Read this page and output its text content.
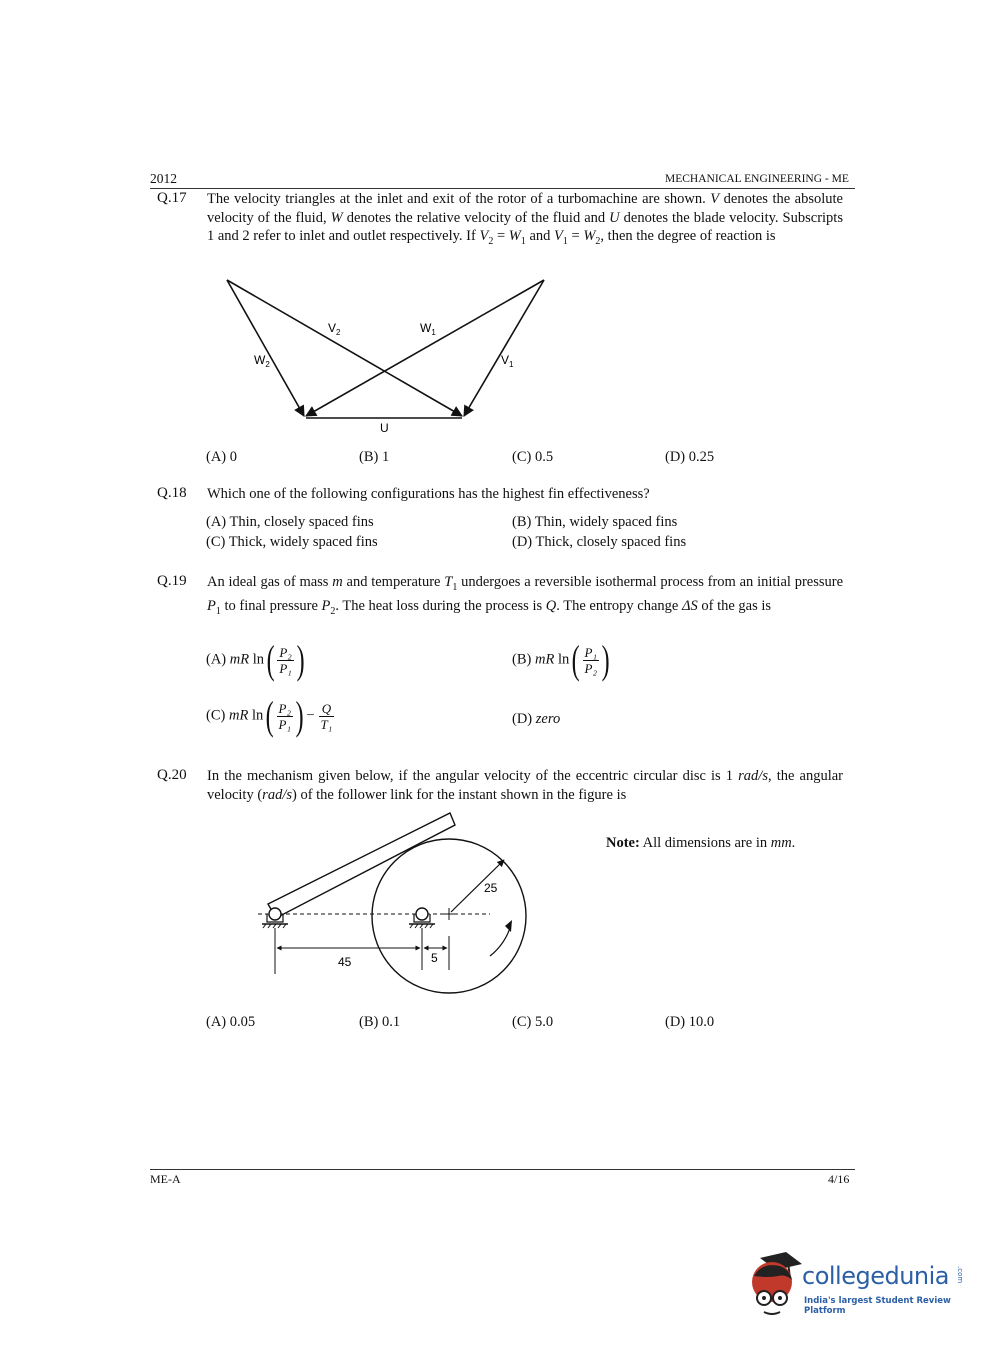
2012	MECHANICAL ENGINEERING - ME
Q.17 The velocity triangles at the inlet and exit of the rotor of a turbomachine are shown. V denotes the absolute velocity of the fluid, W denotes the relative velocity of the fluid and U denotes the blade velocity. Subscripts 1 and 2 refer to inlet and outlet respectively. If $V_2 = W_1$ and $V_1 = W_2$, then the degree of reaction is
$V_2$	$W_1$
$W_2$	$V_1$
U
(A) 0	(B) 1	(C) 0.5	(D) 0.25
Q.18 Which one of the following configurations has the highest fin effectiveness?
(A) Thin, closely spaced fins	(B) Thin, widely spaced fins
(C) Thick, widely spaced fins	(D) Thick, closely spaced fins
Q.19 An ideal gas of mass m and temperature $T_1$ undergoes a reversible isothermal process from an initial pressure $P_1$ to final pressure $P_2$. The heat loss during the process is Q. The entropy change ΔS of the gas is
(A) mR $\ln( \frac{\text{P₂}}{\text{P₁}}$ )	(B) mR $\ln( \frac{\text{P₁}}{\text{P₂}}$ )
(C) mR $\ln( \frac{\text{P₂}}{\text{P₁}}$ ) − $\frac{Q}{\text{T₁}}$	(D) zero
Q.20 In the mechanism given below, if the angular velocity of the eccentric circular disc is 1 rad/s, the angular velocity (rad/s) of the follower link for the instant shown in the figure is
Note: All dimensions are in mm.
25
45	5
(A) 0.05	(B) 0.1	(C) 5.0	(D) 10.0
ME-A	4/16
collegedunia .com
India's largest Student Review Platform
